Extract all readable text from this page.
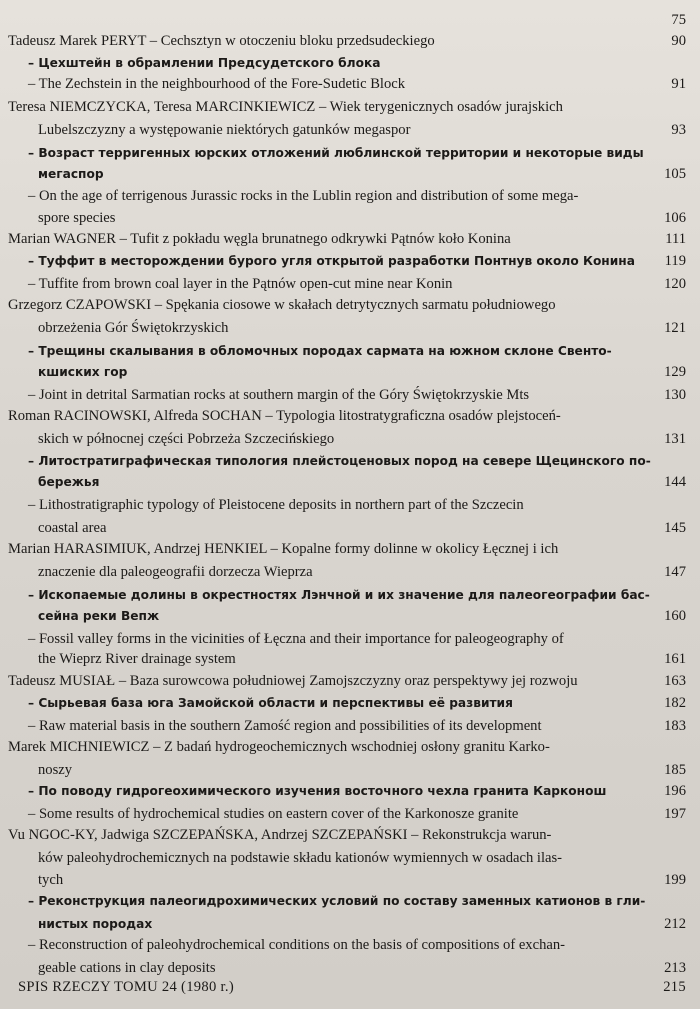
75
Tadeusz Marek PERYT – Cechsztyn w otoczeniu bloku przedsudeckiego	90
– Цехштейн в обрамлении Предсудетского блока
– The Zechstein in the neighbourhood of the Fore-Sudetic Block	91
Teresa NIEMCZYCKA, Teresa MARCINKIEWICZ – Wiek terygenicznych osadów jurajskich
Lubelszczyzny a występowanie niektórych gatunków megaspor	93
– Возраст терригенных юрских отложений люблинской территории и некоторые виды
мегаспор	105
– On the age of terrigenous Jurassic rocks in the Lublin region and distribution of some mega-
spore species	106
Marian WAGNER – Tufit z pokładu węgla brunatnego odkrywki Pątnów koło Konina	111
– Туффит в месторождении бурого угля открытой разработки Понтнув около Конина 119
– Tuffite from brown coal layer in the Pątnów open-cut mine near Konin	120
Grzegorz CZAPOWSKI – Spękania ciosowe w skałach detrytycznych sarmatu południowego
obrzeżenia Gór Świętokrzyskich	121
– Трещины скалывания в обломочных породах сармата на южном склоне Свенто-
кшиских гор	129
– Joint in detrital Sarmatian rocks at southern margin of the Góry Świętokrzyskie Mts	130
Roman RACINOWSKI, Alfreda SOCHAN – Typologia litostratygraficzna osadów plejstoceń-
skich w północnej części Pobrzeża Szczecińskiego	131
– Литостратиграфическая типология плейстоценовых пород на севере Щецинского по-
бережья	144
– Lithostratigraphic typology of Pleistocene deposits in northern part of the Szczecin
coastal area	145
Marian HARASIMIUK, Andrzej HENKIEL – Kopalne formy dolinne w okolicy Łęcznej i ich
znaczenie dla paleogeografii dorzecza Wieprza	147
– Ископаемые долины в окрестностях Лэнчной и их значение для палеогеографии бас-
сейна реки Вепж	160
– Fossil valley forms in the vicinities of Łęczna and their importance for paleogeography of
the Wieprz River drainage system	161
Tadeusz MUSIAŁ – Baza surowcowa południowej Zamojszczyzny oraz perspektywy jej rozwoju	163
– Сырьевая база юга Замойской области и перспективы её развития	182
– Raw material basis in the southern Zamość region and possibilities of its development	183
Marek MICHNIEWICZ – Z badań hydrogeochemicznych wschodniej osłony granitu Karko-
noszy	185
– По поводу гидрогеохимического изучения восточного чехла гранита Карконош	196
– Some results of hydrochemical studies on eastern cover of the Karkonosze granite	197
Vu NGOC-KY, Jadwiga SZCZEPAŃSKA, Andrzej SZCZEPAŃSKI – Rekonstrukcja warun-
ków paleohydrochemicznych na podstawie składu kationów wymiennych w osadach ilas-
tych	199
– Реконструкция палеогидрохимических условий по составу заменных катионов в гли-
нистых породах	212
– Reconstruction of paleohydrochemical conditions on the basis of compositions of exchan-
geable cations in clay deposits	213
SPIS RZECZY TOMU 24 (1980 r.)	215
